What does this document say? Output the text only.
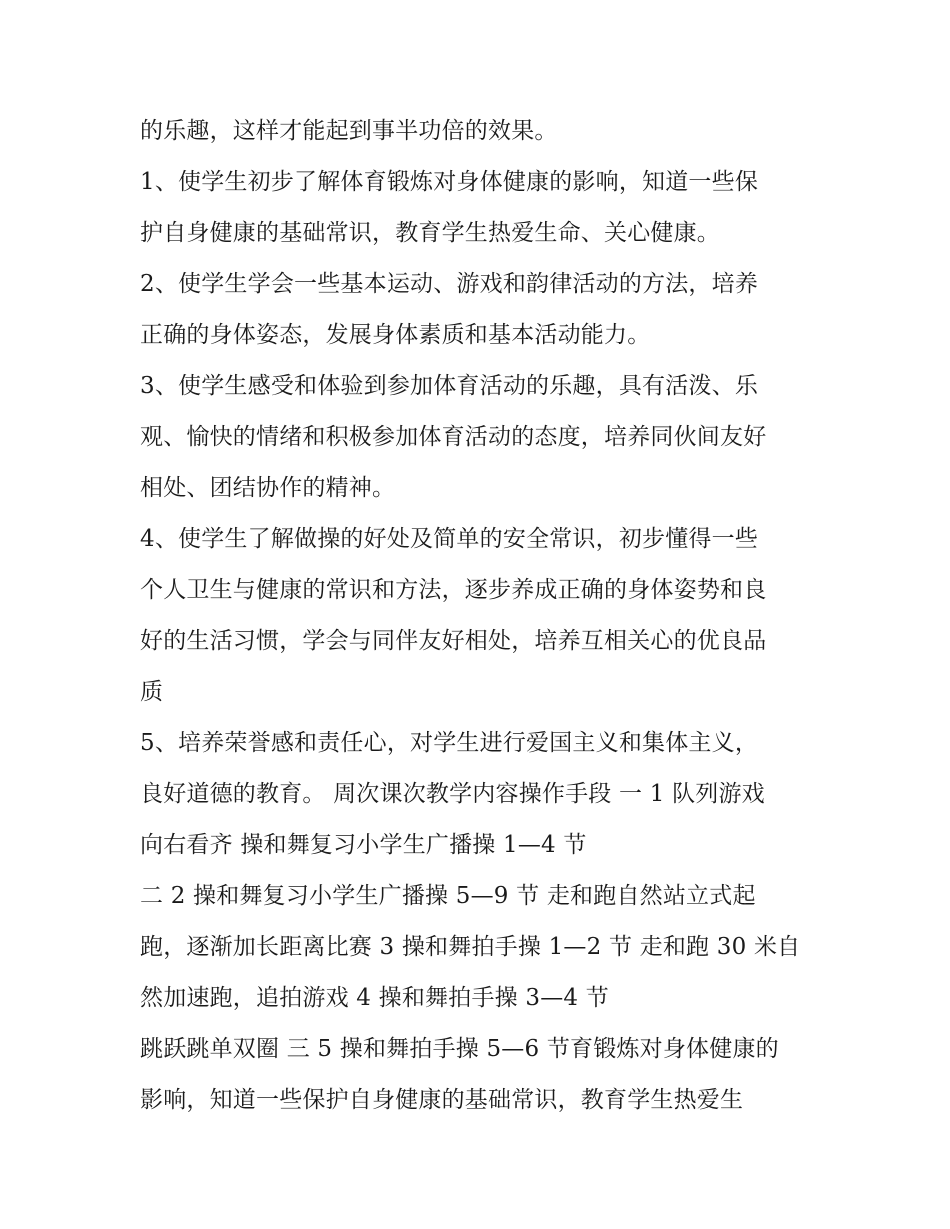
的乐趣，这样才能起到事半功倍的效果。
1、使学生初步了解体育锻炼对身体健康的影响，知道一些保
护自身健康的基础常识，教育学生热爱生命、关心健康。
2、使学生学会一些基本运动、游戏和韵律活动的方法，培养
正确的身体姿态，发展身体素质和基本活动能力。
3、使学生感受和体验到参加体育活动的乐趣，具有活泼、乐
观、愉快的情绪和积极参加体育活动的态度，培养同伙间友好
相处、团结协作的精神。
4、使学生了解做操的好处及简单的安全常识，初步懂得一些
个人卫生与健康的常识和方法，逐步养成正确的身体姿势和良
好的生活习惯，学会与同伴友好相处，培养互相关心的优良品
质
5、培养荣誉感和责任心，对学生进行爱国主义和集体主义，
良好道德的教育。 周次课次教学内容操作手段 一 1 队列游戏
向右看齐 操和舞复习小学生广播操 1—4 节
二 2 操和舞复习小学生广播操 5—9 节 走和跑自然站立式起
跑，逐渐加长距离比赛 3 操和舞拍手操 1—2 节 走和跑 30 米自
然加速跑，追拍游戏 4 操和舞拍手操 3—4 节
跳跃跳单双圈 三 5 操和舞拍手操 5—6 节育锻炼对身体健康的
影响，知道一些保护自身健康的基础常识，教育学生热爱生
